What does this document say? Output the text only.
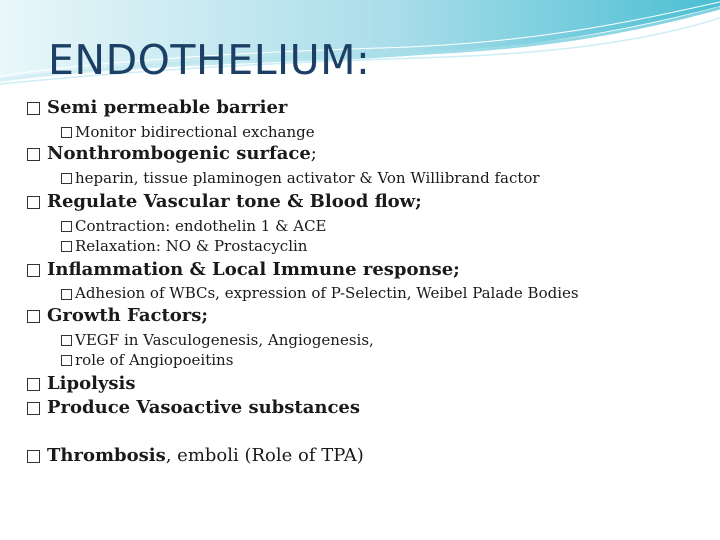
ENDOTHELIUM:

Semi permeable barrier

Monitor bidirectional exchange

Nonthrombogenic surface;

heparin, tissue plaminogen activator & Von Willibrand factor

Regulate Vascular tone & Blood flow;

Contraction: endothelin 1 & ACE

Relaxation: NO & Prostacyclin

Inflammation & Local Immune response;

Adhesion of WBCs, expression of P-Selectin, Weibel Palade Bodies

Growth Factors;

VEGF in Vasculogenesis, Angiogenesis,

role of Angiopoeitins

Lipolysis

Produce Vasoactive substances

Thrombosis, emboli (Role of TPA)
